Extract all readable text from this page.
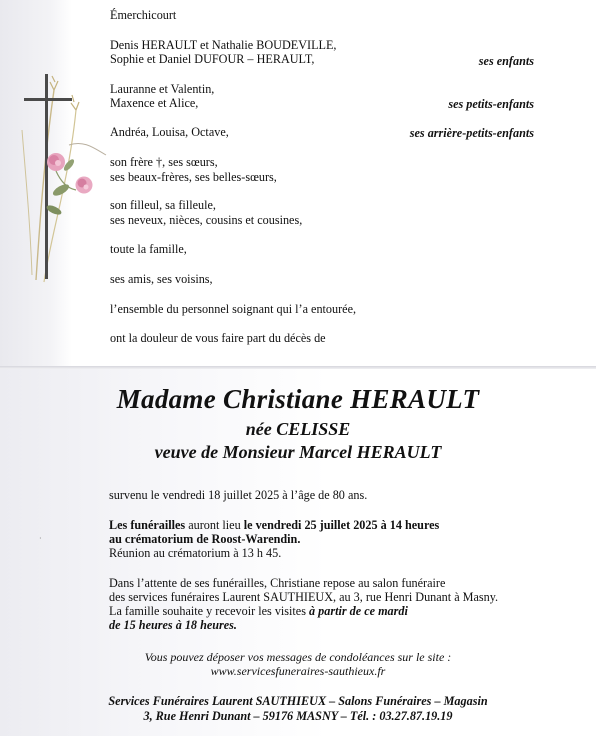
Émerchicourt
Denis HERAULT et Nathalie BOUDEVILLE,
Sophie et Daniel DUFOUR – HERAULT,	ses enfants
Lauranne et Valentin,
Maxence et Alice,	ses petits-enfants
Andréa, Louisa, Octave,	ses arrière-petits-enfants
son frère †, ses sœurs,
ses beaux-frères, ses belles-sœurs,
son filleul, sa filleule,
ses neveux, nièces, cousins et cousines,
toute la famille,
ses amis, ses voisins,
l’ensemble du personnel soignant qui l’a entourée,
ont la douleur de vous faire part du décès de
Madame Christiane HERAULT
née CELISSE
veuve de Monsieur Marcel HERAULT
survenu le vendredi 18 juillet 2025 à l’âge de 80 ans.
Les funérailles auront lieu le vendredi 25 juillet 2025 à 14 heures
au crématorium de Roost-Warendin.
Réunion au crématorium à 13 h 45.
Dans l’attente de ses funérailles, Christiane repose au salon funéraire
des services funéraires Laurent SAUTHIEUX, au 3, rue Henri Dunant à Masny.
La famille souhaite y recevoir les visites à partir de ce mardi
de 15 heures à 18 heures.
Vous pouvez déposer vos messages de condoléances sur le site :
www.servicesfuneraires-sauthieux.fr
Services Funéraires Laurent SAUTHIEUX – Salons Funéraires – Magasin
3, Rue Henri Dunant – 59176 MASNY – Tél. : 03.27.87.19.19
